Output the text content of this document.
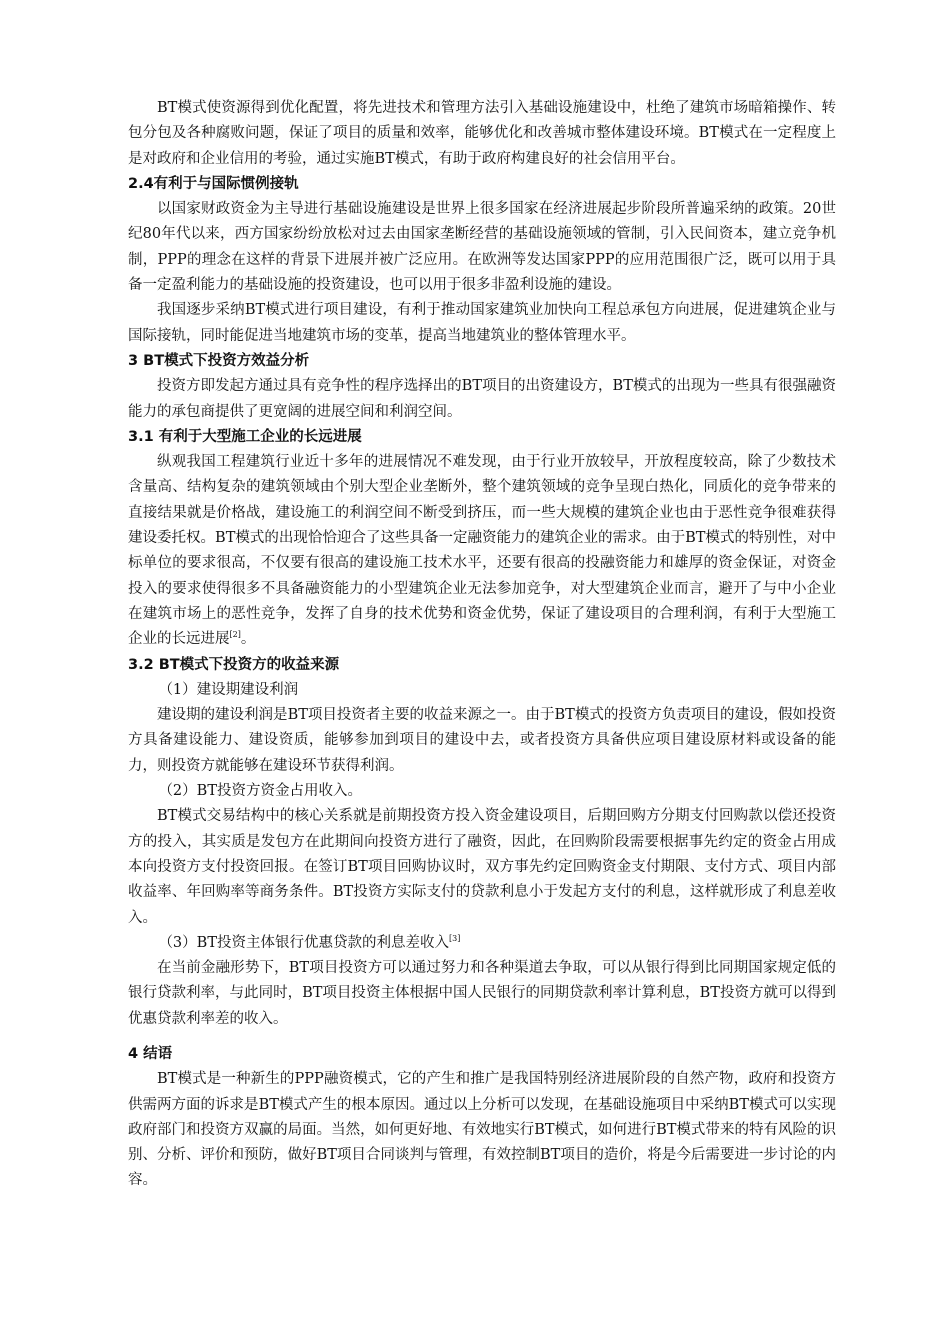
BT模式使资源得到优化配置，将先进技术和管理方法引入基础设施建设中，杜绝了建筑市场暗箱操作、转包分包及各种腐败问题，保证了项目的质量和效率，能够优化和改善城市整体建设环境。BT模式在一定程度上是对政府和企业信用的考验，通过实施BT模式，有助于政府构建良好的社会信用平台。

2.4有利于与国际惯例接轨

以国家财政资金为主导进行基础设施建设是世界上很多国家在经济进展起步阶段所普遍采纳的政策。20世纪80年代以来，西方国家纷纷放松对过去由国家垄断经营的基础设施领域的管制，引入民间资本，建立竞争机制，PPP的理念在这样的背景下进展并被广泛应用。在欧洲等发达国家PPP的应用范围很广泛，既可以用于具备一定盈利能力的基础设施的投资建设，也可以用于很多非盈利设施的建设。

我国逐步采纳BT模式进行项目建设，有利于推动国家建筑业加快向工程总承包方向进展，促进建筑企业与国际接轨，同时能促进当地建筑市场的变革，提高当地建筑业的整体管理水平。

3 BT模式下投资方效益分析

投资方即发起方通过具有竞争性的程序选择出的BT项目的出资建设方，BT模式的出现为一些具有很强融资能力的承包商提供了更宽阔的进展空间和利润空间。

3.1 有利于大型施工企业的长远进展

纵观我国工程建筑行业近十多年的进展情况不难发现，由于行业开放较早，开放程度较高，除了少数技术含量高、结构复杂的建筑领域由个别大型企业垄断外，整个建筑领域的竞争呈现白热化，同质化的竞争带来的直接结果就是价格战，建设施工的利润空间不断受到挤压，而一些大规模的建筑企业也由于恶性竞争很难获得建设委托权。BT模式的出现恰恰迎合了这些具备一定融资能力的建筑企业的需求。由于BT模式的特别性，对中标单位的要求很高，不仅要有很高的建设施工技术水平，还要有很高的投融资能力和雄厚的资金保证，对资金投入的要求使得很多不具备融资能力的小型建筑企业无法参加竞争，对大型建筑企业而言，避开了与中小企业在建筑市场上的恶性竞争，发挥了自身的技术优势和资金优势，保证了建设项目的合理利润，有利于大型施工企业的长远进展[2]。

3.2 BT模式下投资方的收益来源
（1）建设期建设利润

建设期的建设利润是BT项目投资者主要的收益来源之一。由于BT模式的投资方负责项目的建设，假如投资方具备建设能力、建设资质，能够参加到项目的建设中去，或者投资方具备供应项目建设原材料或设备的能力，则投资方就能够在建设环节获得利润。

（2）BT投资方资金占用收入。

BT模式交易结构中的核心关系就是前期投资方投入资金建设项目，后期回购方分期支付回购款以偿还投资方的投入，其实质是发包方在此期间向投资方进行了融资，因此，在回购阶段需要根据事先约定的资金占用成本向投资方支付投资回报。在签订BT项目回购协议时，双方事先约定回购资金支付期限、支付方式、项目内部收益率、年回购率等商务条件。BT投资方实际支付的贷款利息小于发起方支付的利息，这样就形成了利息差收入。

（3）BT投资主体银行优惠贷款的利息差收入[3]

在当前金融形势下，BT项目投资方可以通过努力和各种渠道去争取，可以从银行得到比同期国家规定低的银行贷款利率，与此同时，BT项目投资主体根据中国人民银行的同期贷款利率计算利息，BT投资方就可以得到优惠贷款利率差的收入。

4 结语

BT模式是一种新生的PPP融资模式，它的产生和推广是我国特别经济进展阶段的自然产物，政府和投资方供需两方面的诉求是BT模式产生的根本原因。通过以上分析可以发现，在基础设施项目中采纳BT模式可以实现政府部门和投资方双赢的局面。当然，如何更好地、有效地实行BT模式，如何进行BT模式带来的特有风险的识别、分析、评价和预防，做好BT项目合同谈判与管理，有效控制BT项目的造价，将是今后需要进一步讨论的内容。
